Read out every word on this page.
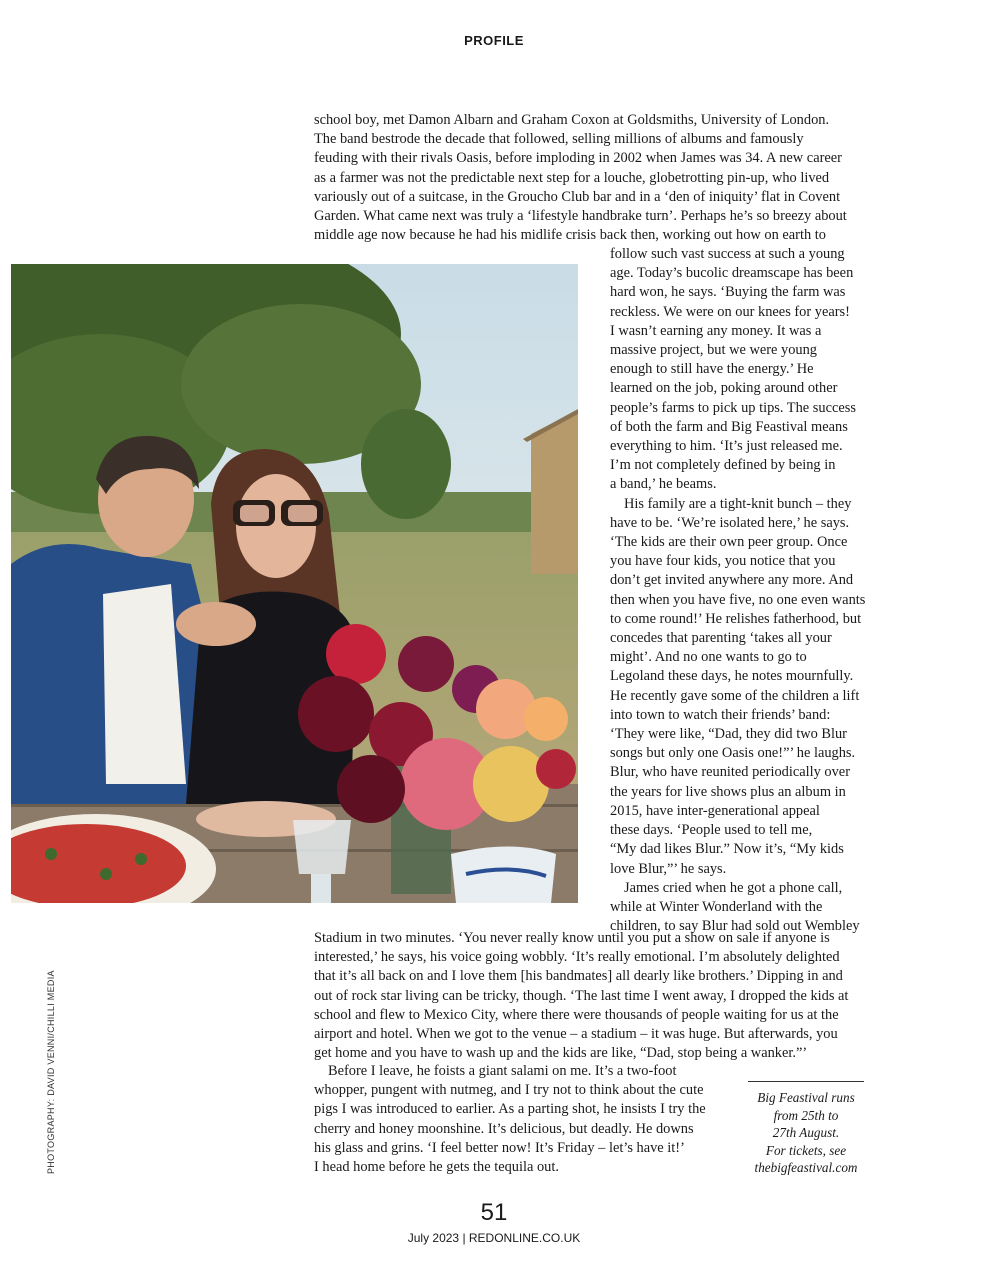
PROFILE
school boy, met Damon Albarn and Graham Coxon at Goldsmiths, University of London.
The band bestrode the decade that followed, selling millions of albums and famously
feuding with their rivals Oasis, before imploding in 2002 when James was 34. A new career
as a farmer was not the predictable next step for a louche, globetrotting pin-up, who lived
variously out of a suitcase, in the Groucho Club bar and in a ‘den of iniquity’ flat in Covent
Garden. What came next was truly a ‘lifestyle handbrake turn’. Perhaps he’s so breezy about
middle age now because he had his midlife crisis back then, working out how on earth to
follow such vast success at such a young
age. Today’s bucolic dreamscape has been
hard won, he says. ‘Buying the farm was
reckless. We were on our knees for years!
I wasn’t earning any money. It was a
massive project, but we were young
enough to still have the energy.’ He
learned on the job, poking around other
people’s farms to pick up tips. The success
of both the farm and Big Feastival means
everything to him. ‘It’s just released me.
I’m not completely defined by being in
a band,’ he beams.
His family are a tight-knit bunch – they
have to be. ‘We’re isolated here,’ he says.
‘The kids are their own peer group. Once
you have four kids, you notice that you
don’t get invited anywhere any more. And
then when you have five, no one even wants
to come round!’ He relishes fatherhood, but
concedes that parenting ‘takes all your
might’. And no one wants to go to
Legoland these days, he notes mournfully.
He recently gave some of the children a lift
into town to watch their friends’ band:
‘They were like, “Dad, they did two Blur
songs but only one Oasis one!”’ he laughs.
Blur, who have reunited periodically over
the years for live shows plus an album in
2015, have inter-generational appeal
these days. ‘People used to tell me,
“My dad likes Blur.” Now it’s, “My kids
love Blur,”’ he says.
James cried when he got a phone call,
while at Winter Wonderland with the
children, to say Blur had sold out Wembley
Stadium in two minutes. ‘You never really know until you put a show on sale if anyone is
interested,’ he says, his voice going wobbly. ‘It’s really emotional. I’m absolutely delighted
that it’s all back on and I love them [his bandmates] all dearly like brothers.’ Dipping in and
out of rock star living can be tricky, though. ‘The last time I went away, I dropped the kids at
school and flew to Mexico City, where there were thousands of people waiting for us at the
airport and hotel. When we got to the venue – a stadium – it was huge. But afterwards, you
get home and you have to wash up and the kids are like, “Dad, stop being a wanker.”’
Before I leave, he foists a giant salami on me. It’s a two-foot
whopper, pungent with nutmeg, and I try not to think about the cute
pigs I was introduced to earlier. As a parting shot, he insists I try the
cherry and honey moonshine. It’s delicious, but deadly. He downs
his glass and grins. ‘I feel better now! It’s Friday – let’s have it!’
I head home before he gets the tequila out.
Big Feastival runs
from 25th to
27th August.
For tickets, see
thebigfeastival.com
PHOTOGRAPHY: DAVID VENNI/CHILLI MEDIA
51
July 2023 | REDONLINE.CO.UK
